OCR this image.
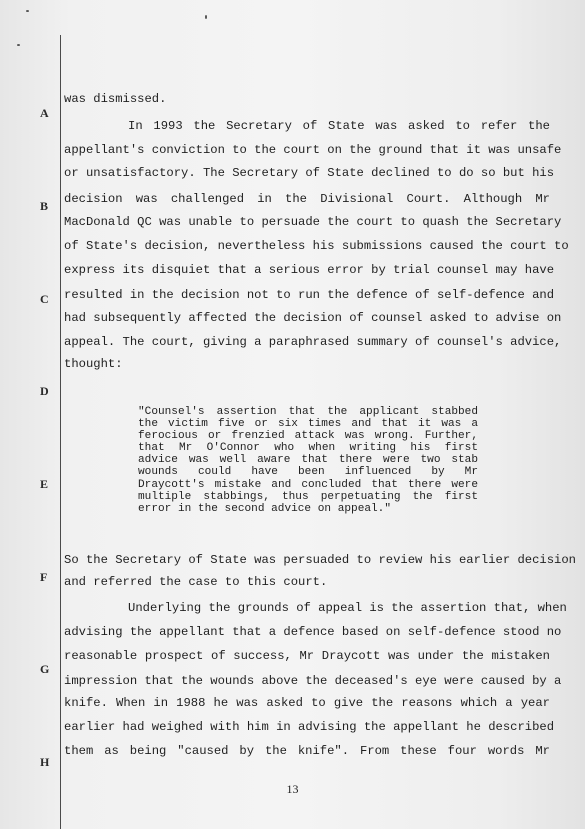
A
B
C
D
E
F
G
H
was dismissed.
In 1993 the Secretary of State was asked to refer the
appellant's conviction to the court on the ground that it was unsafe
or unsatisfactory. The Secretary of State declined to do so but his
decision was challenged in the Divisional Court. Although Mr
MacDonald QC was unable to persuade the court to quash the Secretary
of State's decision, nevertheless his submissions caused the court to
express its disquiet that a serious error by trial counsel may have
resulted in the decision not to run the defence of self-defence and
had subsequently affected the decision of counsel asked to advise on
appeal. The court, giving a paraphrased summary of counsel's advice,
thought:
"Counsel's assertion that the applicant stabbed
the victim five or six times and that it was a
ferocious or frenzied attack was wrong. Further,
that Mr O'Connor who when writing his first
advice was well aware that there were two stab
wounds could have been influenced by Mr
Draycott's mistake and concluded that there were
multiple stabbings, thus perpetuating the first
error in the second advice on appeal."
So the Secretary of State was persuaded to review his earlier decision
and referred the case to this court.
Underlying the grounds of appeal is the assertion that, when
advising the appellant that a defence based on self-defence stood no
reasonable prospect of success, Mr Draycott was under the mistaken
impression that the wounds above the deceased's eye were caused by a
knife. When in 1988 he was asked to give the reasons which a year
earlier had weighed with him in advising the appellant he described
them as being "caused by the knife". From these four words Mr
13
